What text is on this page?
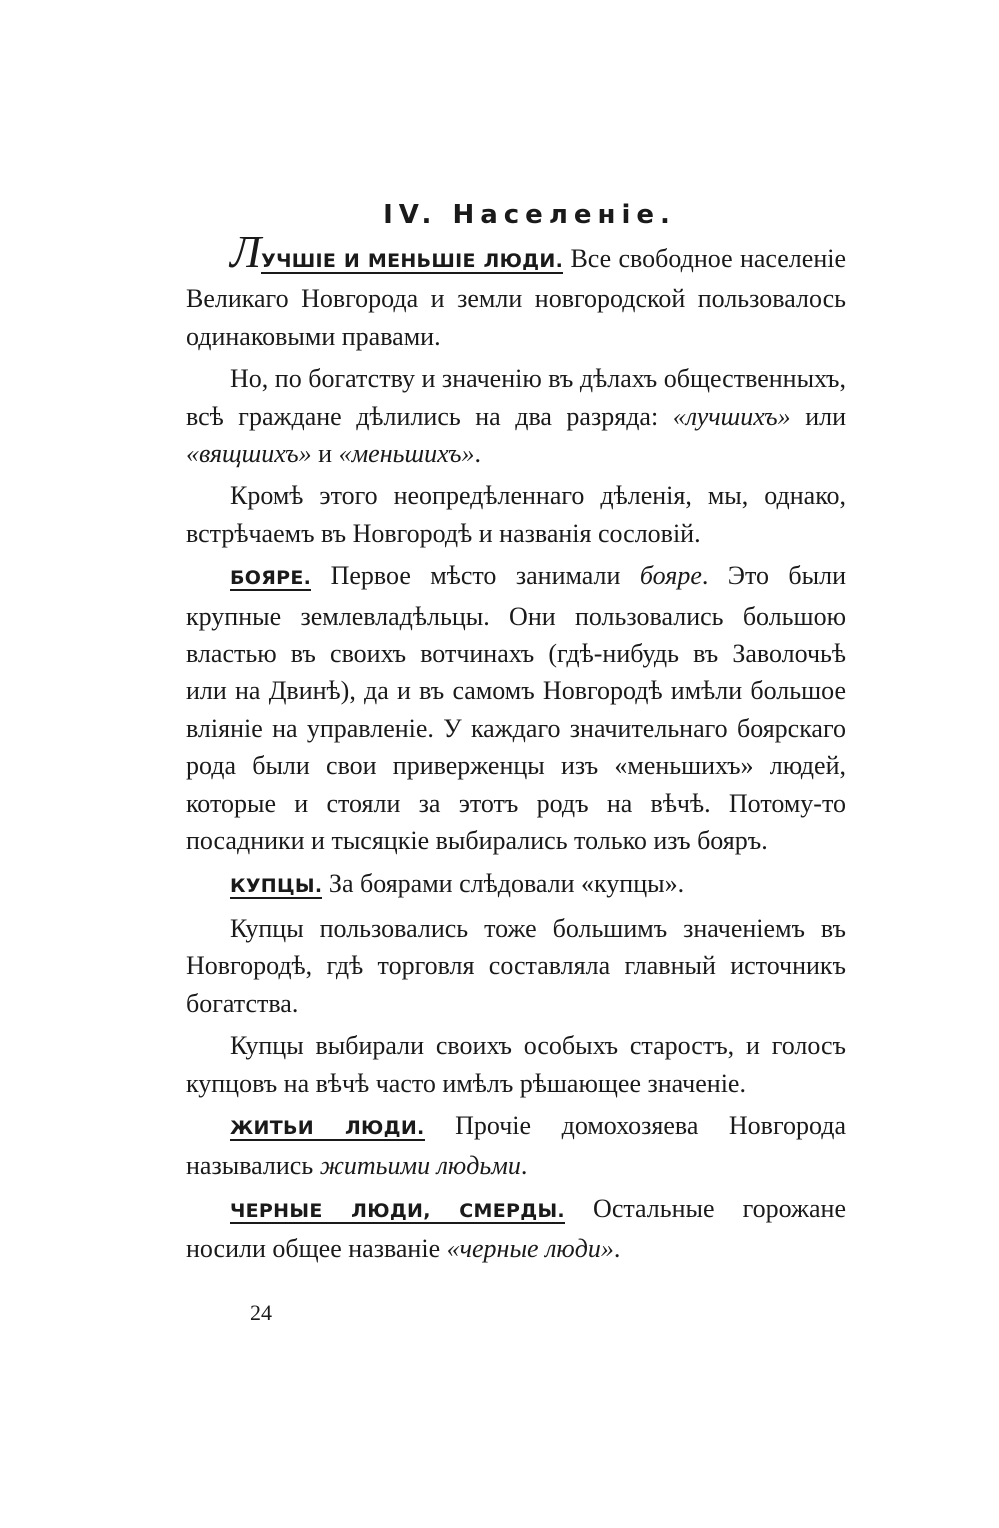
IV. Населенiе.

ЛУЧШIЕ И МЕНЬШIЕ ЛЮДИ. Все свободное населенiе Великаго Новгорода и земли новгородской пользовалось одинаковыми правами.

Но, по богатству и значенiю въ дѣлахъ общественныхъ, всѣ граждане дѣлились на два разряда: «лучшихъ» или «вящшихъ» и «меньшихъ».

Кромѣ этого неопредѣленнаго дѣленiя, мы, однако, встрѣчаемъ въ Новгородѣ и названiя сословiй.

БОЯРЕ. Первое мѣсто занимали бояре. Это были крупные землевладѣльцы. Они пользовались большою властью въ своихъ вотчинахъ (гдѣ-нибудь въ Заволочьѣ или на Двинѣ), да и въ самомъ Новгородѣ имѣли большое влiянiе на управленiе. У каждаго значительнаго боярскаго рода были свои приверженцы изъ «меньшихъ» людей, которые и стояли за этотъ родъ на вѣчѣ. Потому-то посадники и тысяцкiе выбирались только изъ бояръ.

КУПЦЫ. За боярами слѣдовали «купцы».

Купцы пользовались тоже большимъ значенiемъ въ Новгородѣ, гдѣ торговля составляла главный источникъ богатства.

Купцы выбирали своихъ особыхъ старостъ, и голосъ купцовъ на вѣчѣ часто имѣлъ рѣшающее значенiе.

ЖИТЬИ ЛЮДИ. Прочiе домохозяева Новгорода назывались житьими людьми.

ЧЕРНЫЕ ЛЮДИ, СМЕРДЫ. Остальные горожане носили общее названiе «черные люди».

24
